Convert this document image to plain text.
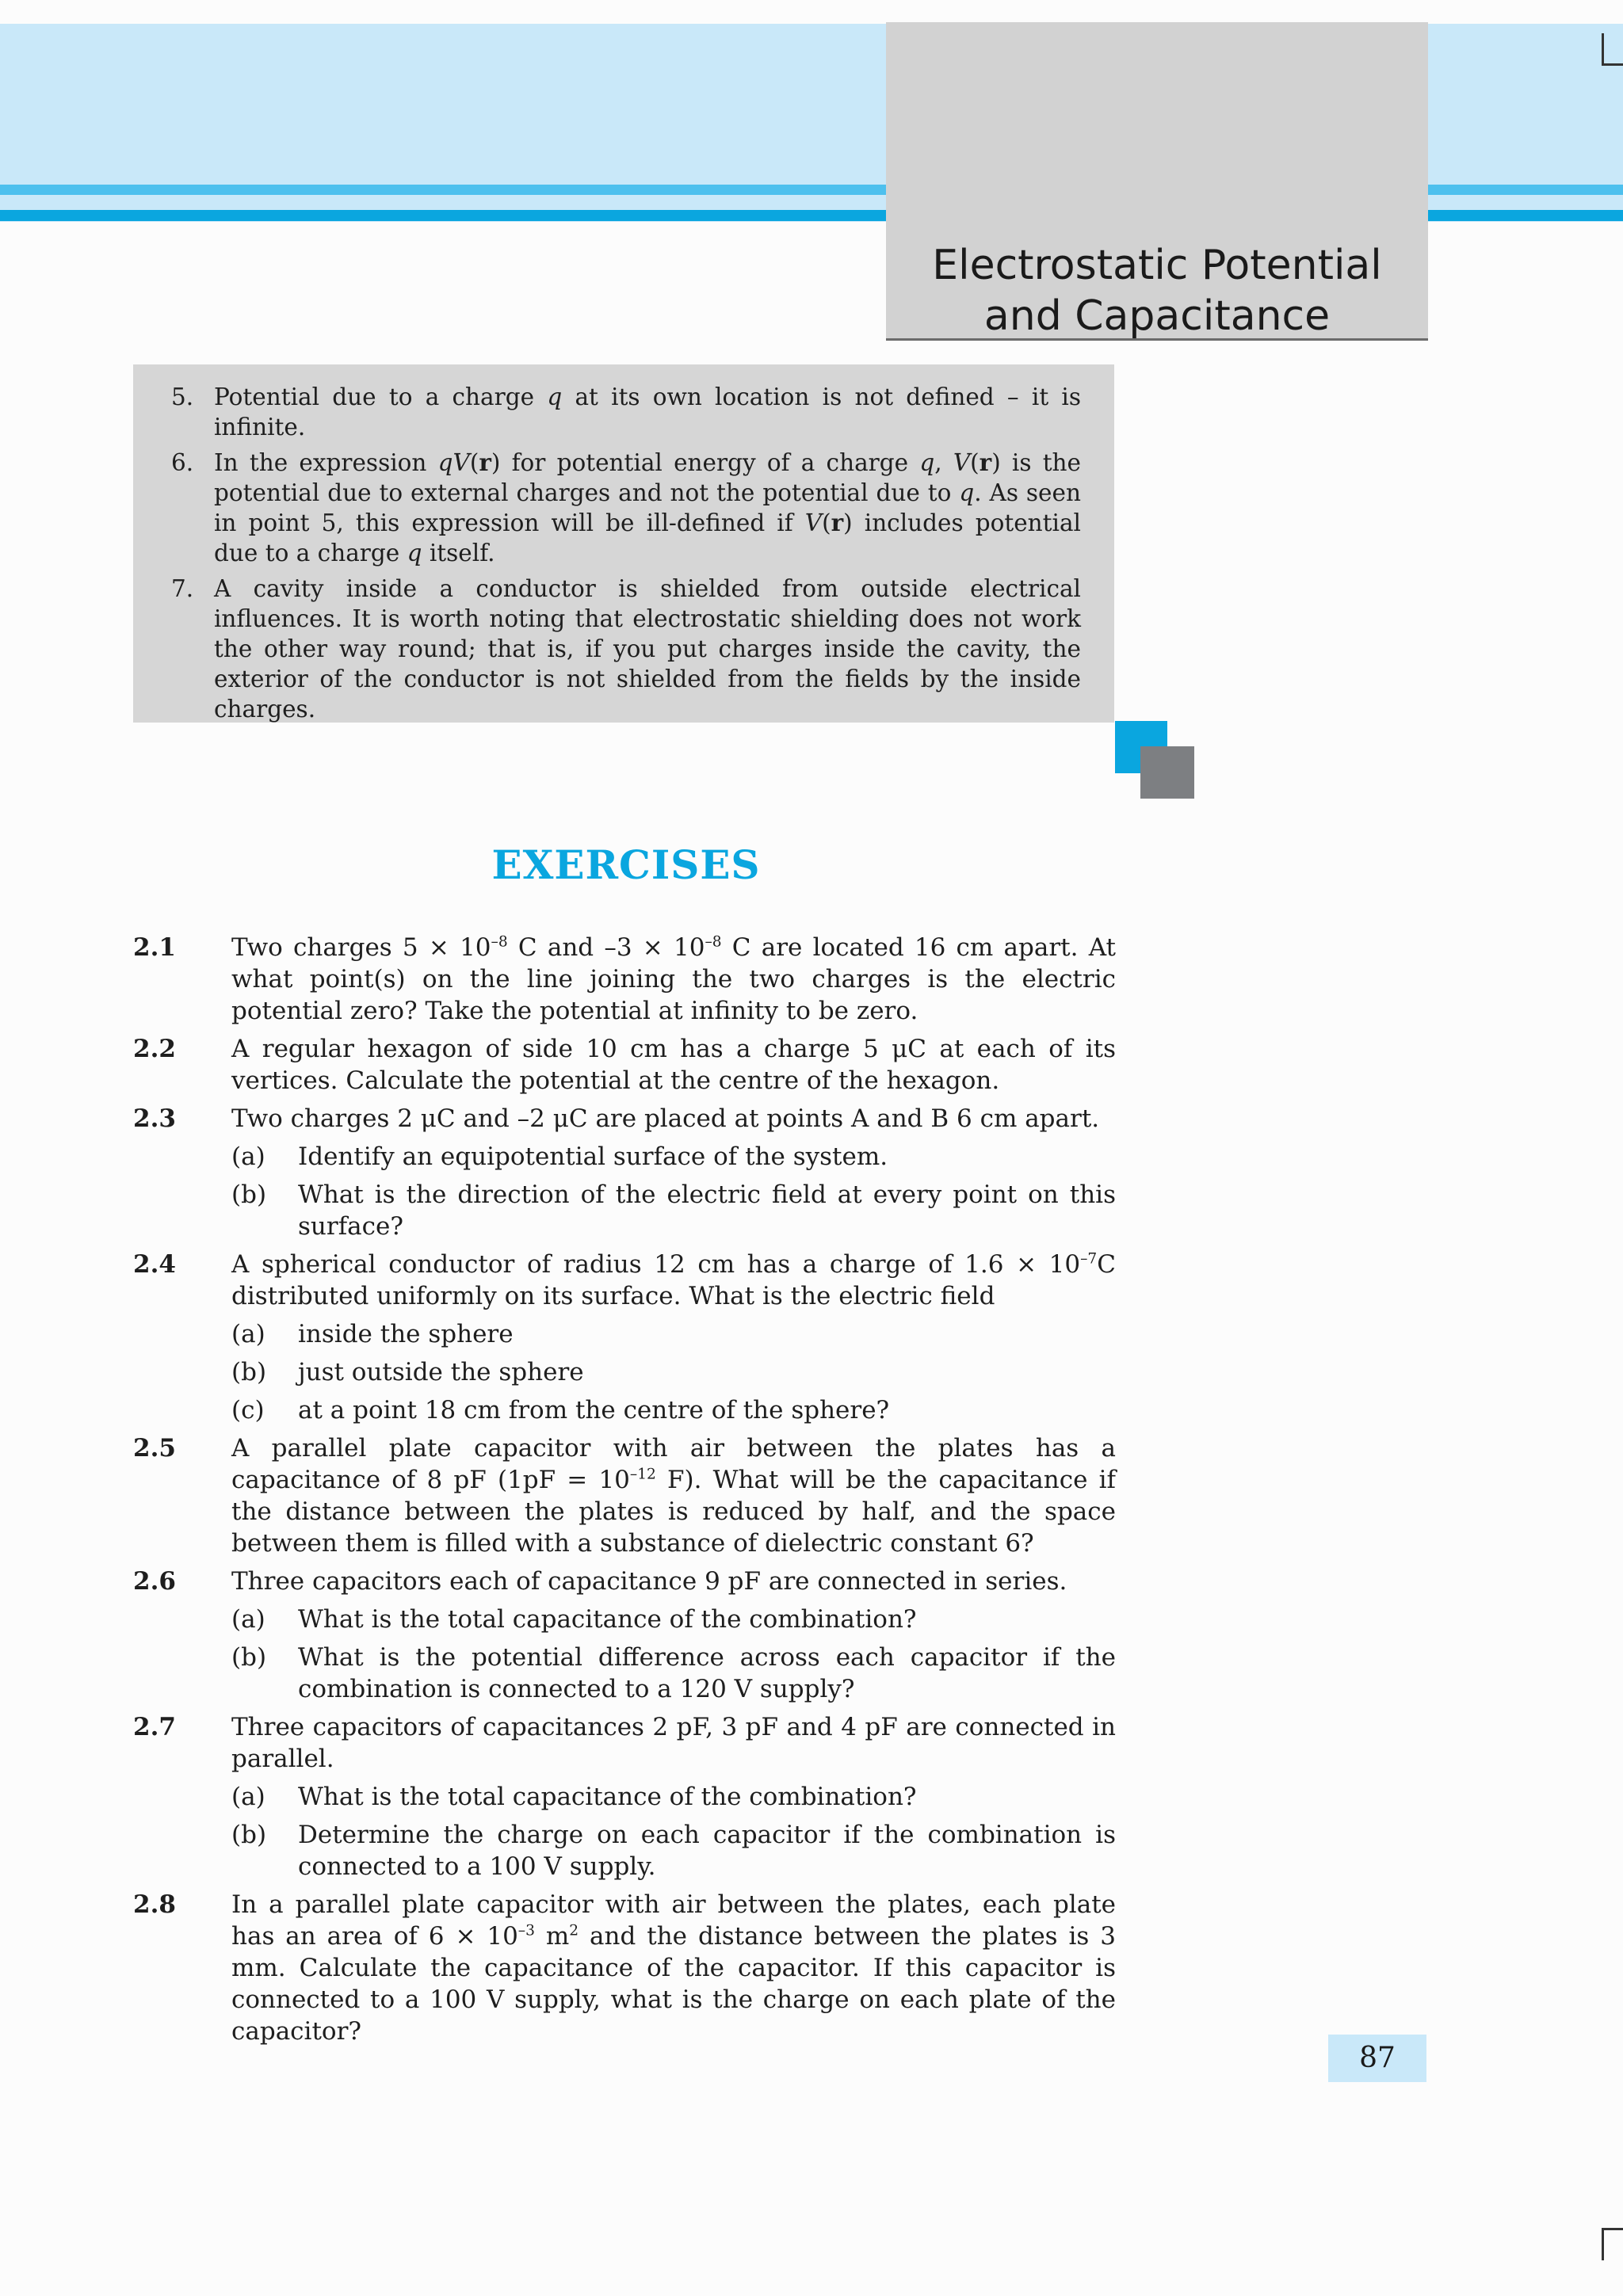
Electrostatic Potential
and Capacitance
5. Potential due to a charge q at its own location is not defined – it is infinite.
6. In the expression qV(r) for potential energy of a charge q, V(r) is the potential due to external charges and not the potential due to q. As seen in point 5, this expression will be ill-defined if V(r) includes potential due to a charge q itself.
7. A cavity inside a conductor is shielded from outside electrical influences. It is worth noting that electrostatic shielding does not work the other way round; that is, if you put charges inside the cavity, the exterior of the conductor is not shielded from the fields by the inside charges.
EXERCISES
2.1	Two charges $5 \times 10^{-8}$ C and $-3 \times 10^{-8}$ C are located 16 cm apart. At what point(s) on the line joining the two charges is the electric potential zero? Take the potential at infinity to be zero.
2.2	A regular hexagon of side 10 cm has a charge 5 μC at each of its vertices. Calculate the potential at the centre of the hexagon.
2.3	Two charges 2 μC and –2 μC are placed at points A and B 6 cm apart.
(a)	Identify an equipotential surface of the system.
(b)	What is the direction of the electric field at every point on this surface?
2.4	A spherical conductor of radius 12 cm has a charge of $1.6 \times 10^{-7}C$ distributed uniformly on its surface. What is the electric field
(a)	inside the sphere
(b)	just outside the sphere
(c)	at a point 18 cm from the centre of the sphere?
2.5	A parallel plate capacitor with air between the plates has a capacitance of 8 pF ($1pF = 10^{-12}$ F). What will be the capacitance if the distance between the plates is reduced by half, and the space between them is filled with a substance of dielectric constant 6?
2.6	Three capacitors each of capacitance 9 pF are connected in series.
(a)	What is the total capacitance of the combination?
(b)	What is the potential difference across each capacitor if the combination is connected to a 120 V supply?
2.7	Three capacitors of capacitances 2 pF, 3 pF and 4 pF are connected in parallel.
(a)	What is the total capacitance of the combination?
(b)	Determine the charge on each capacitor if the combination is connected to a 100 V supply.
2.8	In a parallel plate capacitor with air between the plates, each plate has an area of $6 \times 10^{-3}$ $m^2$ and the distance between the plates is 3 mm. Calculate the capacitance of the capacitor. If this capacitor is connected to a 100 V supply, what is the charge on each plate of the capacitor?
87
